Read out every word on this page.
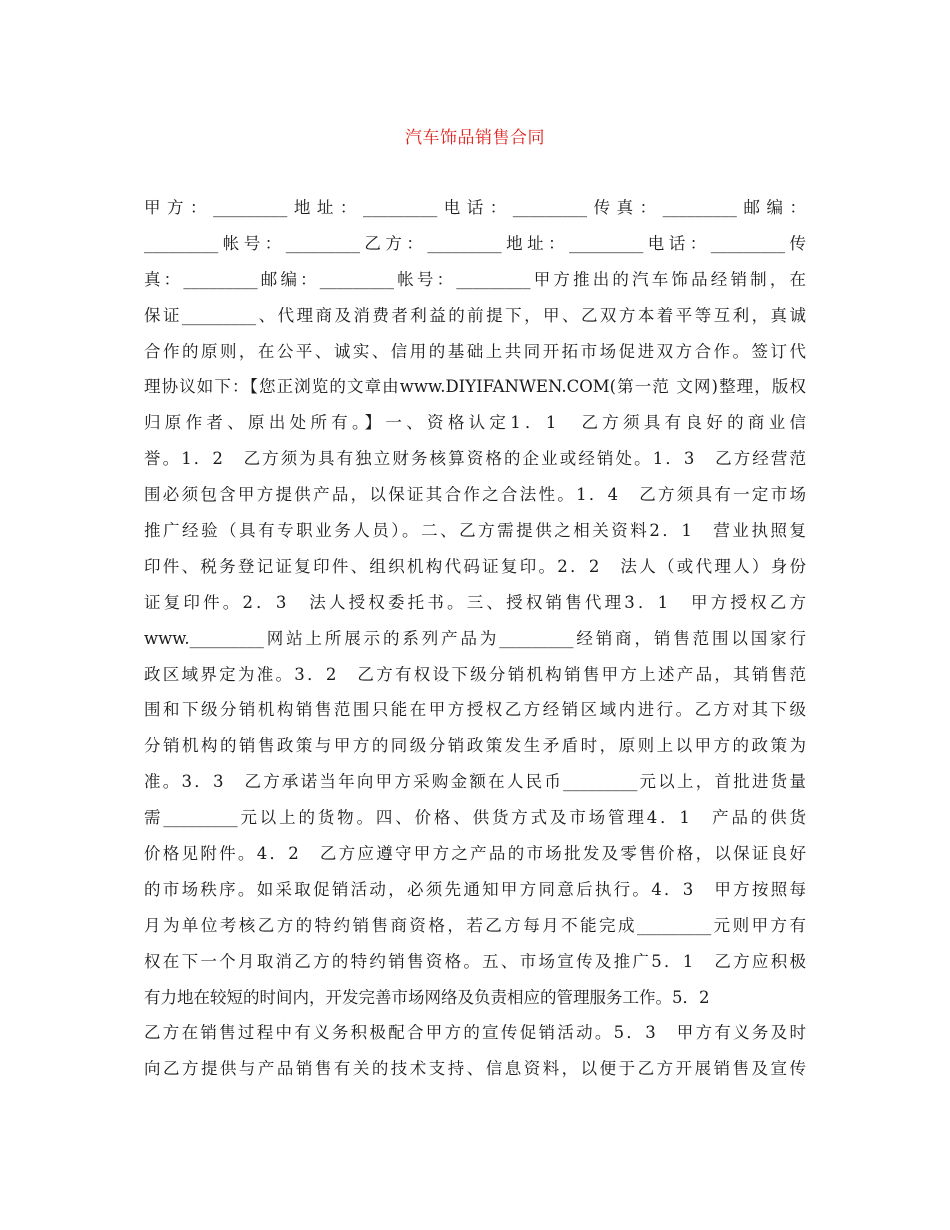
汽车饰品销售合同
甲方：_________地址：_________电话：_________传真：_________邮编：
_________帐号：_________乙方：_________地址：_________电话：_________传
真：_________邮编：_________帐号：_________甲方推出的汽车饰品经销制，在
保证_________、代理商及消费者利益的前提下，甲、乙双方本着平等互利，真诚
合作的原则，在公平、诚实、信用的基础上共同开拓市场促进双方合作。签订代
理协议如下：【您正浏览的文章由www.DIYIFANWEN.COM(第一范 文网)整理，版权
归原作者、原出处所有。】一、资格认定1．1　乙方须具有良好的商业信
誉。1．2　乙方须为具有独立财务核算资格的企业或经销处。1．3　乙方经营范
围必须包含甲方提供产品，以保证其合作之合法性。1．4　乙方须具有一定市场
推广经验（具有专职业务人员）。二、乙方需提供之相关资料2．1　营业执照复
印件、税务登记证复印件、组织机构代码证复印。2．2　法人（或代理人）身份
证复印件。2．3　法人授权委托书。三、授权销售代理3．1　甲方授权乙方
www._________网站上所展示的系列产品为_________经销商，销售范围以国家行
政区域界定为准。3．2　乙方有权设下级分销机构销售甲方上述产品，其销售范
围和下级分销机构销售范围只能在甲方授权乙方经销区域内进行。乙方对其下级
分销机构的销售政策与甲方的同级分销政策发生矛盾时，原则上以甲方的政策为
准。3．3　乙方承诺当年向甲方采购金额在人民币_________元以上，首批进货量
需_________元以上的货物。四、价格、供货方式及市场管理4．1　产品的供货
价格见附件。4．2　乙方应遵守甲方之产品的市场批发及零售价格，以保证良好
的市场秩序。如采取促销活动，必须先通知甲方同意后执行。4．3　甲方按照每
月为单位考核乙方的特约销售商资格，若乙方每月不能完成_________元则甲方有
权在下一个月取消乙方的特约销售资格。五、市场宣传及推广5．1　乙方应积极
有力地在较短的时间内，开发完善市场网络及负责相应的管理服务工作。5．2
乙方在销售过程中有义务积极配合甲方的宣传促销活动。5．3　甲方有义务及时
向乙方提供与产品销售有关的技术支持、信息资料，以便于乙方开展销售及宣传
